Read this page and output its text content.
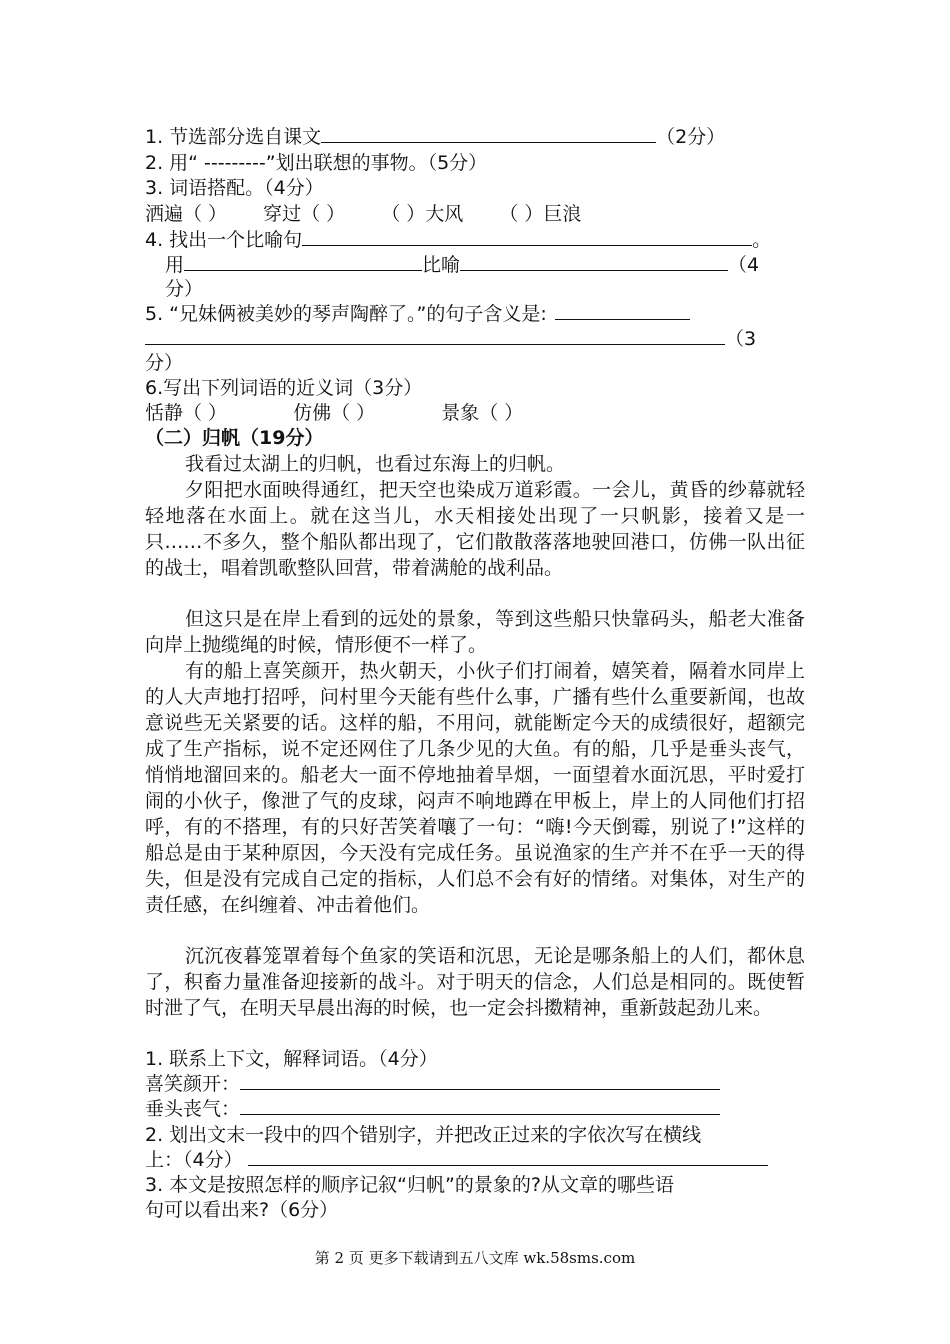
1. 节选部分选自课文	（2分）
2. 用“ ---------”划出联想的事物。（5分）
3. 词语搭配。（4分）
洒遍（ ） 穿过（ ） （ ）大风 （ ）巨浪
4. 找出一个比喻句	。
用	比喻	（4
分）
5. “兄妹俩被美妙的琴声陶醉了。”的句子含义是:
（3
分）
6.写出下列词语的近义词（3分）
恬静（ ）	仿佛（ ）	景象（ ）
（二）归帆（19分）
我看过太湖上的归帆，也看过东海上的归帆。
夕阳把水面映得通红，把天空也染成万道彩霞。一会儿，黄昏的纱幕就轻轻地落在水面上。就在这当儿，水天相接处出现了一只帆影，接着又是一只……不多久，整个船队都出现了，它们散散落落地驶回港口，仿佛一队出征的战士，唱着凯歌整队回营，带着满舱的战利品。
但这只是在岸上看到的远处的景象，等到这些船只快靠码头，船老大准备向岸上抛缆绳的时候，情形便不一样了。
有的船上喜笑颜开，热火朝天，小伙子们打闹着，嬉笑着，隔着水同岸上的人大声地打招呼，问村里今天能有些什么事，广播有些什么重要新闻，也故意说些无关紧要的话。这样的船，不用问，就能断定今天的成绩很好，超额完成了生产指标，说不定还网住了几条少见的大鱼。有的船，几乎是垂头丧气，悄悄地溜回来的。船老大一面不停地抽着旱烟，一面望着水面沉思，平时爱打闹的小伙子，像泄了气的皮球，闷声不响地蹲在甲板上，岸上的人同他们打招呼，有的不搭理，有的只好苦笑着嚷了一句：“嗨!今天倒霉，别说了!”这样的船总是由于某种原因，今天没有完成任务。虽说渔家的生产并不在乎一天的得失，但是没有完成自己定的指标，人们总不会有好的情绪。对集体，对生产的责任感，在纠缠着、冲击着他们。
沉沉夜暮笼罩着每个鱼家的笑语和沉思，无论是哪条船上的人们，都休息了，积畜力量准备迎接新的战斗。对于明天的信念，人们总是相同的。既使暂时泄了气，在明天早晨出海的时候，也一定会抖擞精神，重新鼓起劲儿来。
1. 联系上下文，解释词语。（4分）
喜笑颜开：
垂头丧气：
2. 划出文末一段中的四个错别字，并把改正过来的字依次写在横线
上：（4分）
3. 本文是按照怎样的顺序记叙“归帆”的景象的?从文章的哪些语
句可以看出来?（6分）
第 2 页 更多下载请到五八文库 wk.58sms.com
